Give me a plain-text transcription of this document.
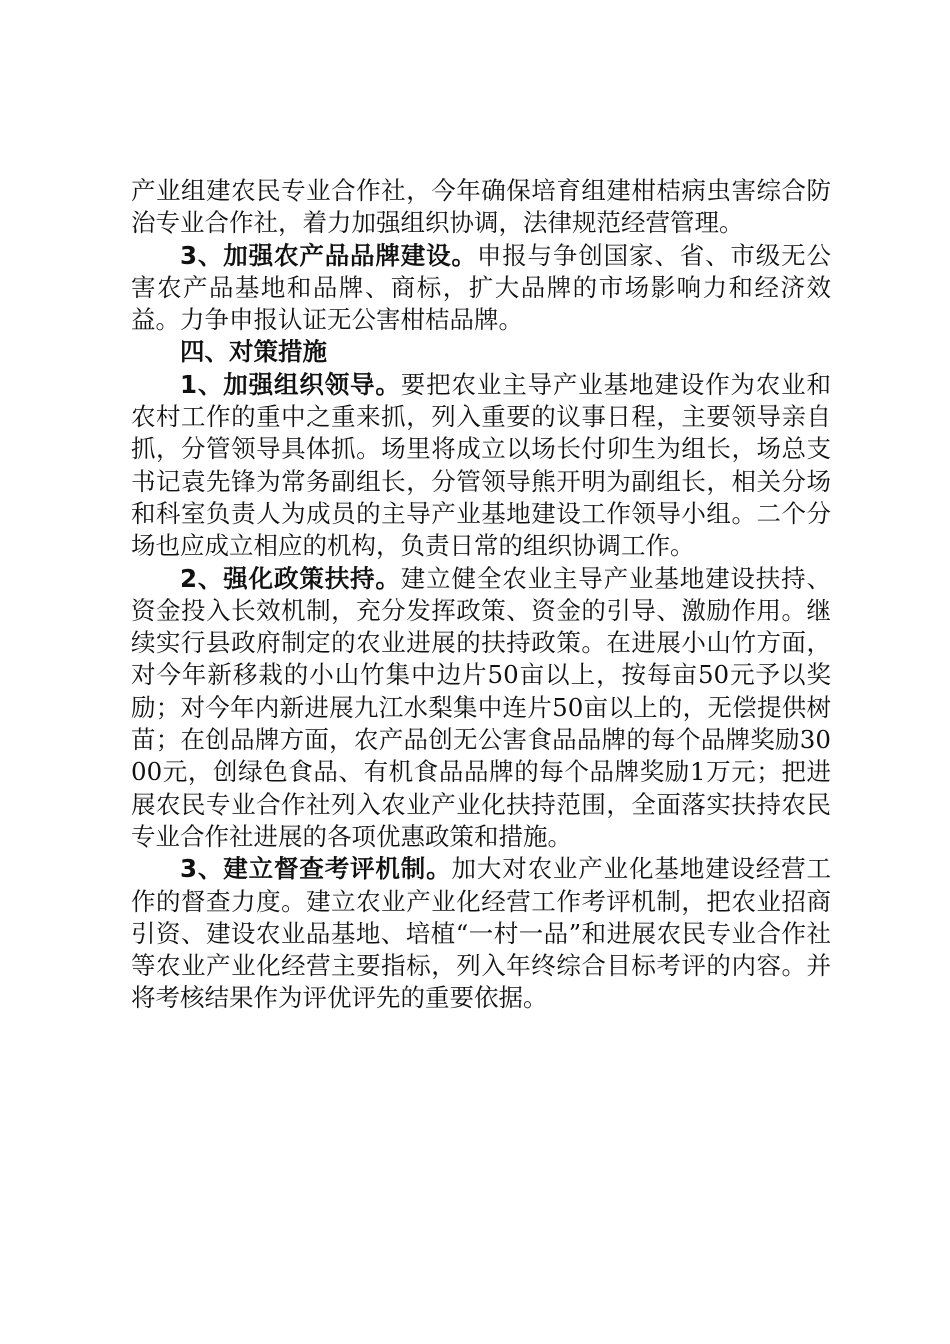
产业组建农民专业合作社，今年确保培育组建柑桔病虫害综合防治专业合作社，着力加强组织协调，法律规范经营管理。

3、加强农产品品牌建设。申报与争创国家、省、市级无公害农产品基地和品牌、商标，扩大品牌的市场影响力和经济效益。力争申报认证无公害柑桔品牌。

四、对策措施

1、加强组织领导。要把农业主导产业基地建设作为农业和农村工作的重中之重来抓，列入重要的议事日程，主要领导亲自抓，分管领导具体抓。场里将成立以场长付卯生为组长，场总支书记袁先锋为常务副组长，分管领导熊开明为副组长，相关分场和科室负责人为成员的主导产业基地建设工作领导小组。二个分场也应成立相应的机构，负责日常的组织协调工作。

2、强化政策扶持。建立健全农业主导产业基地建设扶持、资金投入长效机制，充分发挥政策、资金的引导、激励作用。继续实行县政府制定的农业进展的扶持政策。在进展小山竹方面，对今年新移栽的小山竹集中边片50亩以上，按每亩50元予以奖励；对今年内新进展九江水梨集中连片50亩以上的，无偿提供树苗；在创品牌方面，农产品创无公害食品品牌的每个品牌奖励3000元，创绿色食品、有机食品品牌的每个品牌奖励1万元；把进展农民专业合作社列入农业产业化扶持范围，全面落实扶持农民专业合作社进展的各项优惠政策和措施。

3、建立督查考评机制。加大对农业产业化基地建设经营工作的督查力度。建立农业产业化经营工作考评机制，把农业招商引资、建设农业品基地、培植“一村一品”和进展农民专业合作社等农业产业化经营主要指标，列入年终综合目标考评的内容。并将考核结果作为评优评先的重要依据。
